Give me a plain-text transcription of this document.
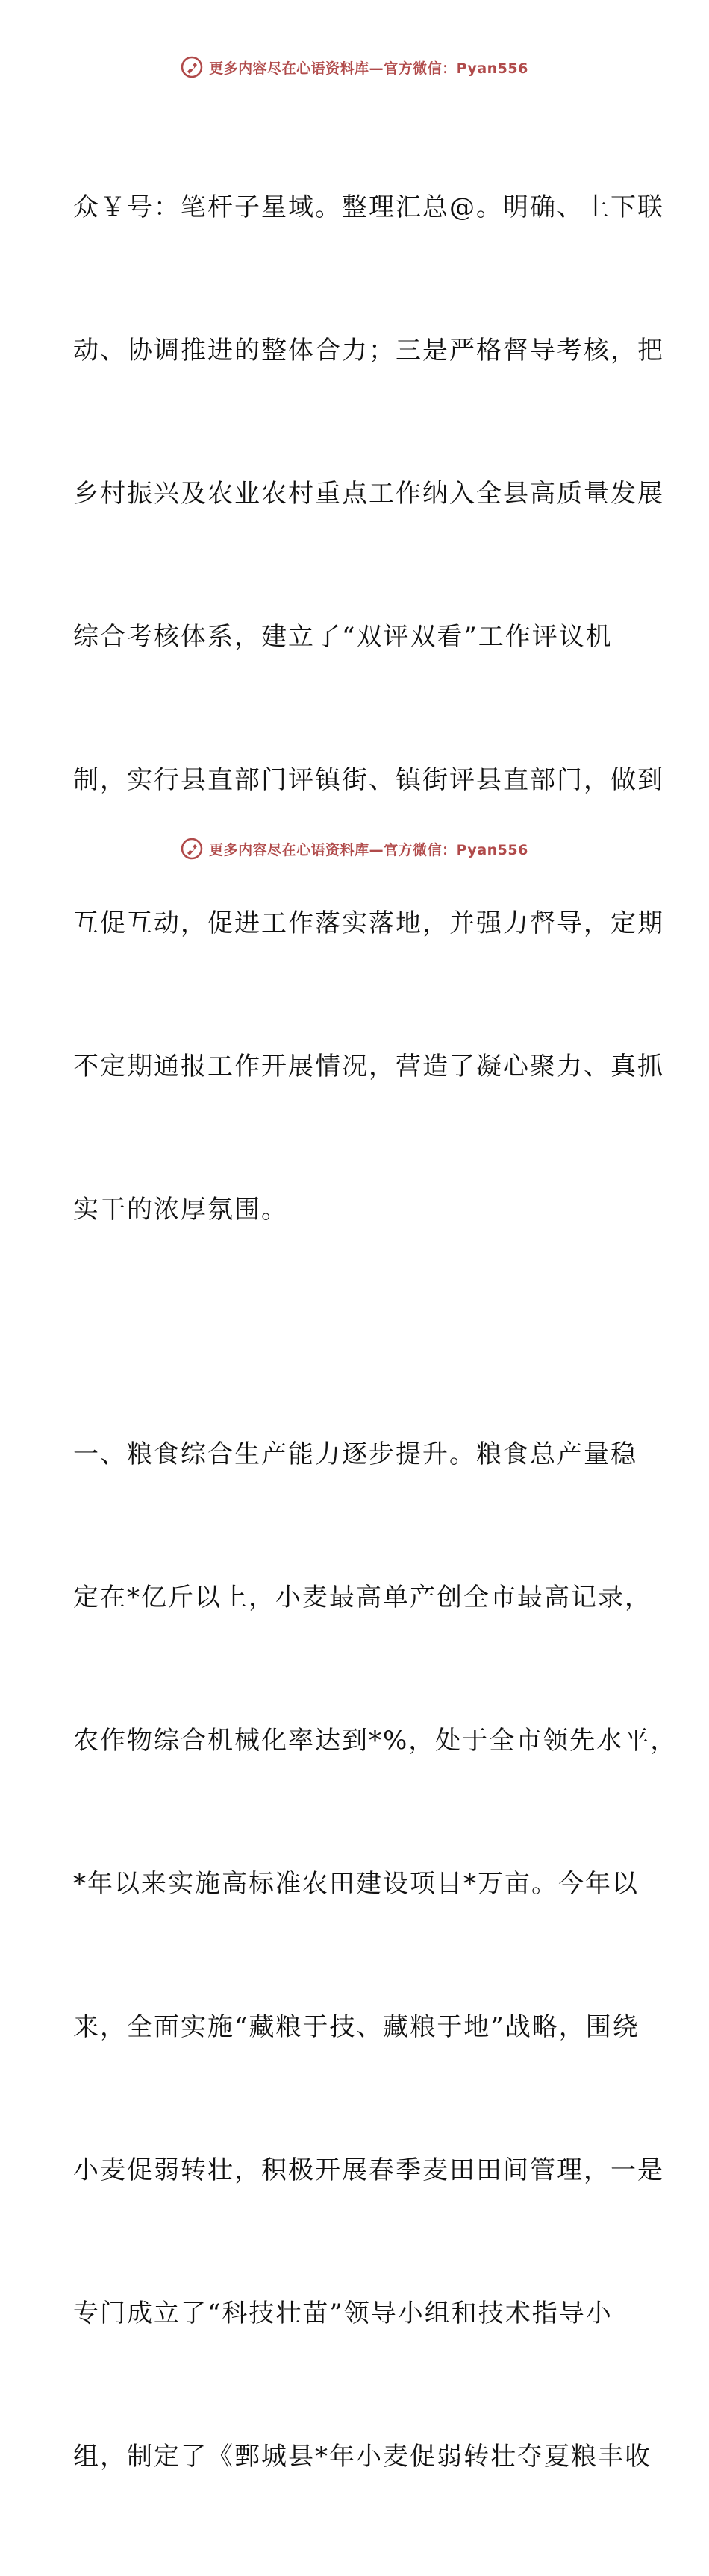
更多内容尽在心语资料库—官方微信：Pyan556

众￥号：笔杆子星域。整理汇总@。明确、上下联

动、协调推进的整体合力；三是严格督导考核，把

乡村振兴及农业农村重点工作纳入全县高质量发展

综合考核体系，建立了“双评双看”工作评议机

制，实行县直部门评镇街、镇街评县直部门，做到

互促互动，促进工作落实落地，并强力督导，定期

不定期通报工作开展情况，营造了凝心聚力、真抓

实干的浓厚氛围。

一、粮食综合生产能力逐步提升。粮食总产量稳

定在*亿斤以上，小麦最高单产创全市最高记录，

农作物综合机械化率达到*%，处于全市领先水平，

*年以来实施高标准农田建设项目*万亩。今年以

来，全面实施“藏粮于技、藏粮于地”战略，围绕

小麦促弱转壮，积极开展春季麦田田间管理，一是

专门成立了“科技壮苗”领导小组和技术指导小

组，制定了《鄄城县*年小麦促弱转壮夺夏粮丰收

更多内容尽在心语资料库—官方微信：Pyan556
